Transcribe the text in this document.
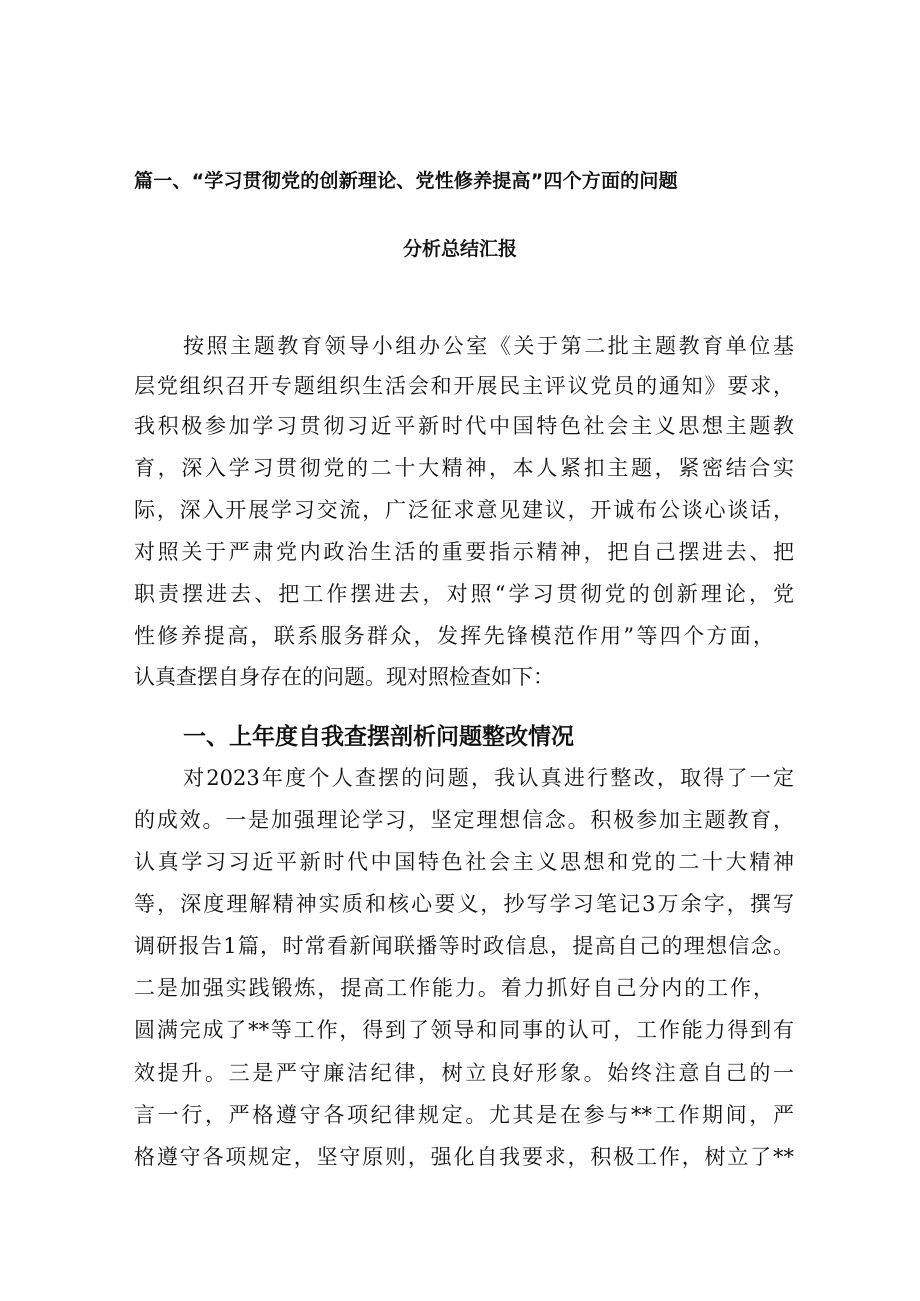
篇一、“学习贯彻党的创新理论、党性修养提高”四个方面的问题
分析总结汇报
按照主题教育领导小组办公室《关于第二批主题教育单位基
层党组织召开专题组织生活会和开展民主评议党员的通知》要求，
我积极参加学习贯彻习近平新时代中国特色社会主义思想主题教
育，深入学习贯彻党的二十大精神，本人紧扣主题，紧密结合实
际，深入开展学习交流，广泛征求意见建议，开诚布公谈心谈话，
对照关于严肃党内政治生活的重要指示精神，把自己摆进去、把
职责摆进去、把工作摆进去，对照“学习贯彻党的创新理论，党
性修养提高，联系服务群众，发挥先锋模范作用”等四个方面，
认真查摆自身存在的问题。现对照检查如下：
一、上年度自我查摆剖析问题整改情况
对2023年度个人查摆的问题，我认真进行整改，取得了一定
的成效。一是加强理论学习，坚定理想信念。积极参加主题教育，
认真学习习近平新时代中国特色社会主义思想和党的二十大精神
等，深度理解精神实质和核心要义，抄写学习笔记3万余字，撰写
调研报告1篇，时常看新闻联播等时政信息，提高自己的理想信念。
二是加强实践锻炼，提高工作能力。着力抓好自己分内的工作，
圆满完成了**等工作，得到了领导和同事的认可，工作能力得到有
效提升。三是严守廉洁纪律，树立良好形象。始终注意自己的一
言一行，严格遵守各项纪律规定。尤其是在参与**工作期间，严
格遵守各项规定，坚守原则，强化自我要求，积极工作，树立了**
